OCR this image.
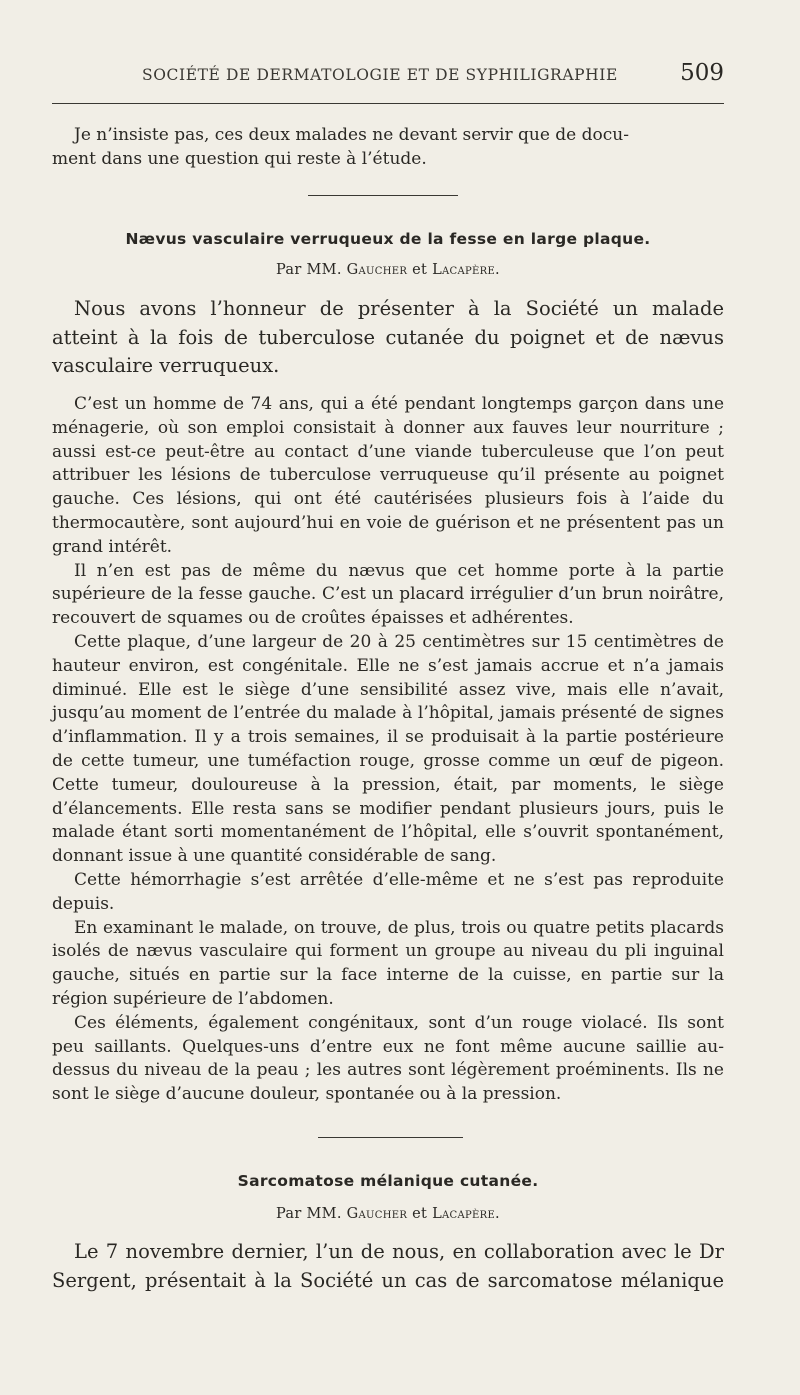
SOCIÉTÉ DE DERMATOLOGIE ET DE SYPHILIGRAPHIE	509

Je n’insiste pas, ces deux malades ne devant servir que de docu-
ment dans une question qui reste à l’étude.

Nævus vasculaire verruqueux de la fesse en large plaque.
Par MM. Gaucher et Lacapère.

Nous avons l’honneur de présenter à la Société un malade atteint à la fois de tuberculose cutanée du poignet et de nævus vasculaire verruqueux.

C’est un homme de 74 ans, qui a été pendant longtemps garçon dans une ménagerie, où son emploi consistait à donner aux fauves leur nourriture ; aussi est-ce peut-être au contact d’une viande tuberculeuse que l’on peut attribuer les lésions de tuberculose verruqueuse qu’il présente au poignet gauche. Ces lésions, qui ont été cautérisées plusieurs fois à l’aide du thermocautère, sont aujourd’hui en voie de guérison et ne présentent pas un grand intérêt.

Il n’en est pas de même du nævus que cet homme porte à la partie supérieure de la fesse gauche. C’est un placard irrégulier d’un brun noirâtre, recouvert de squames ou de croûtes épaisses et adhérentes.

Cette plaque, d’une largeur de 20 à 25 centimètres sur 15 centimètres de hauteur environ, est congénitale. Elle ne s’est jamais accrue et n’a jamais diminué. Elle est le siège d’une sensibilité assez vive, mais elle n’avait, jusqu’au moment de l’entrée du malade à l’hôpital, jamais présenté de signes d’inflammation. Il y a trois semaines, il se produisait à la partie postérieure de cette tumeur, une tuméfaction rouge, grosse comme un œuf de pigeon. Cette tumeur, douloureuse à la pression, était, par moments, le siège d’élancements. Elle resta sans se modifier pendant plusieurs jours, puis le malade étant sorti momentanément de l’hôpital, elle s’ouvrit spontanément, donnant issue à une quantité considérable de sang.

Cette hémorrhagie s’est arrêtée d’elle-même et ne s’est pas reproduite depuis.

En examinant le malade, on trouve, de plus, trois ou quatre petits placards isolés de nævus vasculaire qui forment un groupe au niveau du pli inguinal gauche, situés en partie sur la face interne de la cuisse, en partie sur la région supérieure de l’abdomen.

Ces éléments, également congénitaux, sont d’un rouge violacé. Ils sont peu saillants. Quelques-uns d’entre eux ne font même aucune saillie au-dessus du niveau de la peau ; les autres sont légèrement proéminents. Ils ne sont le siège d’aucune douleur, spontanée ou à la pression.

Sarcomatose mélanique cutanée.
Par MM. Gaucher et Lacapère.

Le 7 novembre dernier, l’un de nous, en collaboration avec le Dr Sergent, présentait à la Société un cas de sarcomatose mélanique
